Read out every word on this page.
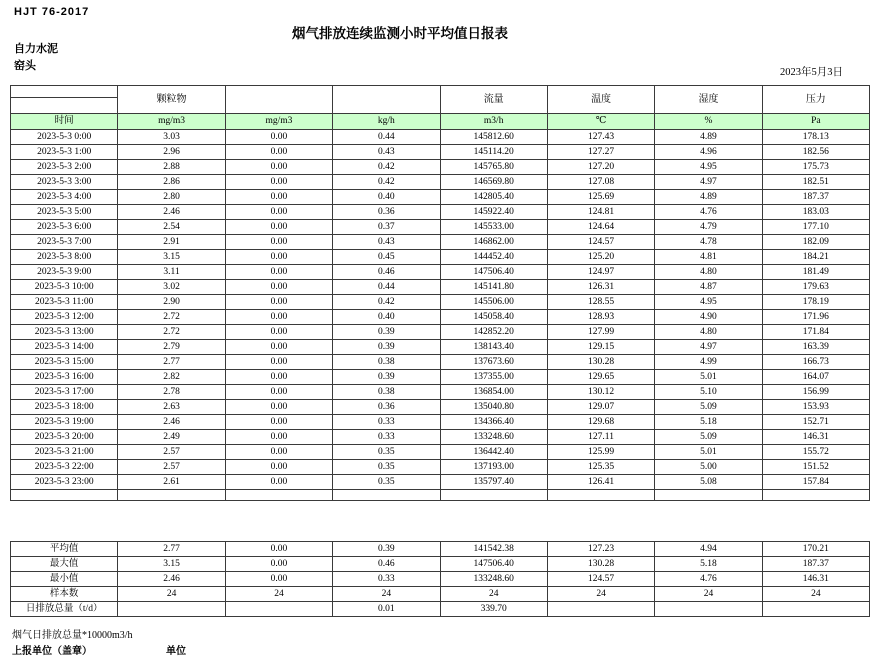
HJT 76-2017
烟气排放连续监测小时平均值日报表
自力水泥
窑头
2023年5月3日
	颗粒物			流量	温度	湿度	压力

时间	mg/m3	mg/m3	kg/h	m3/h	℃	%	Pa
2023-5-3 0:00	3.03	0.00	0.44	145812.60	127.43	4.89	178.13
2023-5-3 1:00	2.96	0.00	0.43	145114.20	127.27	4.96	182.56
2023-5-3 2:00	2.88	0.00	0.42	145765.80	127.20	4.95	175.73
2023-5-3 3:00	2.86	0.00	0.42	146569.80	127.08	4.97	182.51
2023-5-3 4:00	2.80	0.00	0.40	142805.40	125.69	4.89	187.37
2023-5-3 5:00	2.46	0.00	0.36	145922.40	124.81	4.76	183.03
2023-5-3 6:00	2.54	0.00	0.37	145533.00	124.64	4.79	177.10
2023-5-3 7:00	2.91	0.00	0.43	146862.00	124.57	4.78	182.09
2023-5-3 8:00	3.15	0.00	0.45	144452.40	125.20	4.81	184.21
2023-5-3 9:00	3.11	0.00	0.46	147506.40	124.97	4.80	181.49
2023-5-3 10:00	3.02	0.00	0.44	145141.80	126.31	4.87	179.63
2023-5-3 11:00	2.90	0.00	0.42	145506.00	128.55	4.95	178.19
2023-5-3 12:00	2.72	0.00	0.40	145058.40	128.93	4.90	171.96
2023-5-3 13:00	2.72	0.00	0.39	142852.20	127.99	4.80	171.84
2023-5-3 14:00	2.79	0.00	0.39	138143.40	129.15	4.97	163.39
2023-5-3 15:00	2.77	0.00	0.38	137673.60	130.28	4.99	166.73
2023-5-3 16:00	2.82	0.00	0.39	137355.00	129.65	5.01	164.07
2023-5-3 17:00	2.78	0.00	0.38	136854.00	130.12	5.10	156.99
2023-5-3 18:00	2.63	0.00	0.36	135040.80	129.07	5.09	153.93
2023-5-3 19:00	2.46	0.00	0.33	134366.40	129.68	5.18	152.71
2023-5-3 20:00	2.49	0.00	0.33	133248.60	127.11	5.09	146.31
2023-5-3 21:00	2.57	0.00	0.35	136442.40	125.99	5.01	155.72
2023-5-3 22:00	2.57	0.00	0.35	137193.00	125.35	5.00	151.52
2023-5-3 23:00	2.61	0.00	0.35	135797.40	126.41	5.08	157.84

平均值	2.77	0.00	0.39	141542.38	127.23	4.94	170.21
最大值	3.15	0.00	0.46	147506.40	130.28	5.18	187.37
最小值	2.46	0.00	0.33	133248.60	124.57	4.76	146.31
样本数	24	24	24	24	24	24	24
日排放总量（t/d）			0.01	339.70			
烟气日排放总量*10000m3/h
上报单位（盖章）	单位
